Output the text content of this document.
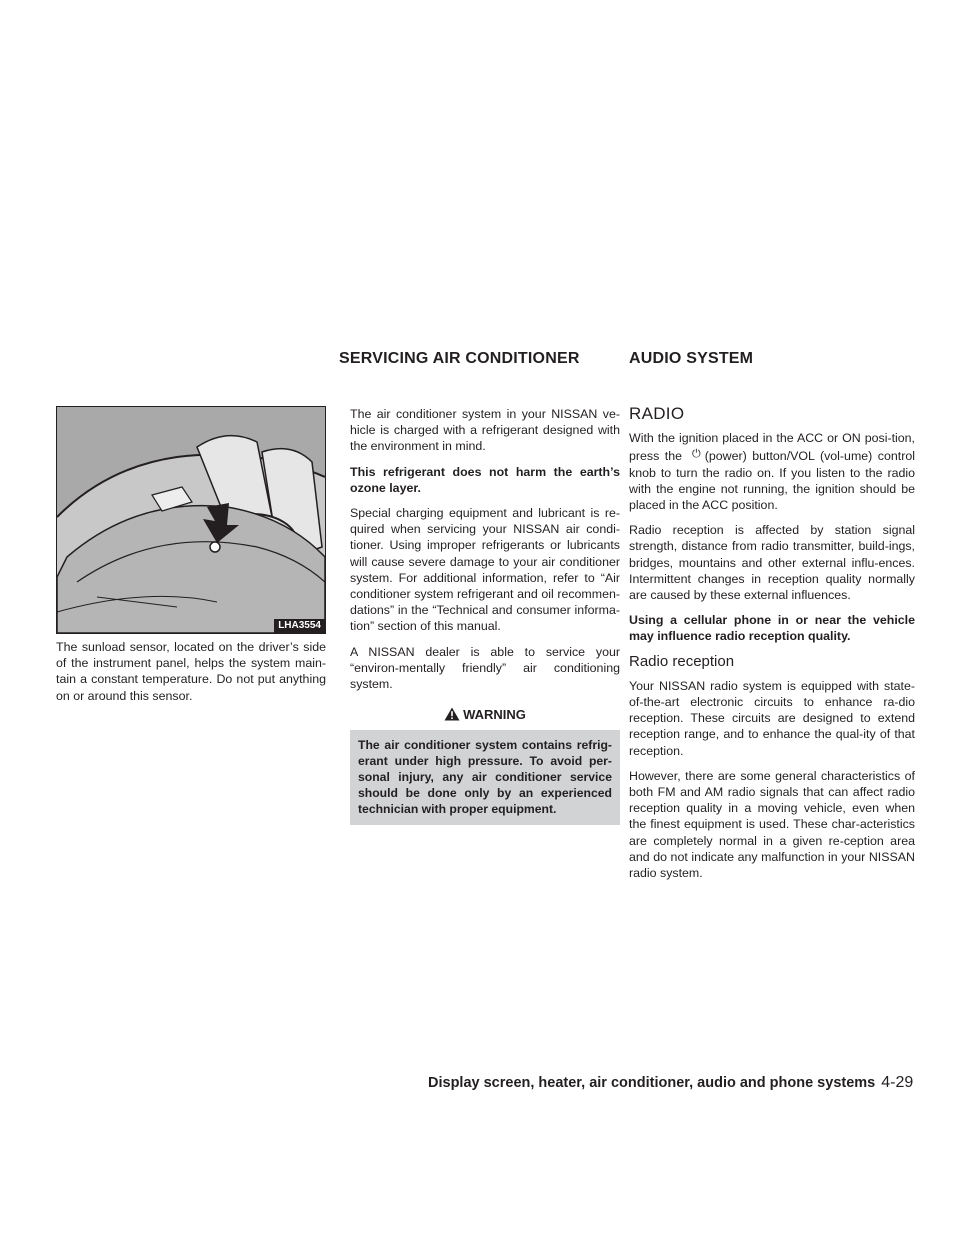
SERVICING AIR CONDITIONER	AUDIO SYSTEM
LHA3554

The sunload sensor, located on the driver’s side of the instrument panel, helps the system main-tain a constant temperature. Do not put anything on or around this sensor.

The air conditioner system in your NISSAN ve-hicle is charged with a refrigerant designed with the environment in mind.

This refrigerant does not harm the earth’s ozone layer.

Special charging equipment and lubricant is re-quired when servicing your NISSAN air condi-tioner. Using improper refrigerants or lubricants will cause severe damage to your air conditioner system. For additional information, refer to “Air conditioner system refrigerant and oil recommen-dations” in the “Technical and consumer informa-tion” section of this manual.

A NISSAN dealer is able to service your “environ-mentally friendly” air conditioning system.

WARNING
The air conditioner system contains refrig-erant under high pressure. To avoid per-sonal injury, any air conditioner service should be done only by an experienced technician with proper equipment.
RADIO

With the ignition placed in the ACC or ON posi-tion, press the ⏻ (power) button/VOL (vol-ume) control knob to turn the radio on. If you listen to the radio with the engine not running, the ignition should be placed in the ACC position.

Radio reception is affected by station signal strength, distance from radio transmitter, build-ings, bridges, mountains and other external influ-ences. Intermittent changes in reception quality normally are caused by these external influences.

Using a cellular phone in or near the vehicle may influence radio reception quality.

Radio reception

Your NISSAN radio system is equipped with state-of-the-art electronic circuits to enhance ra-dio reception. These circuits are designed to extend reception range, and to enhance the qual-ity of that reception.

However, there are some general characteristics of both FM and AM radio signals that can affect radio reception quality in a moving vehicle, even when the finest equipment is used. These char-acteristics are completely normal in a given re-ception area and do not indicate any malfunction in your NISSAN radio system.

Display screen, heater, air conditioner, audio and phone systems 4-29
